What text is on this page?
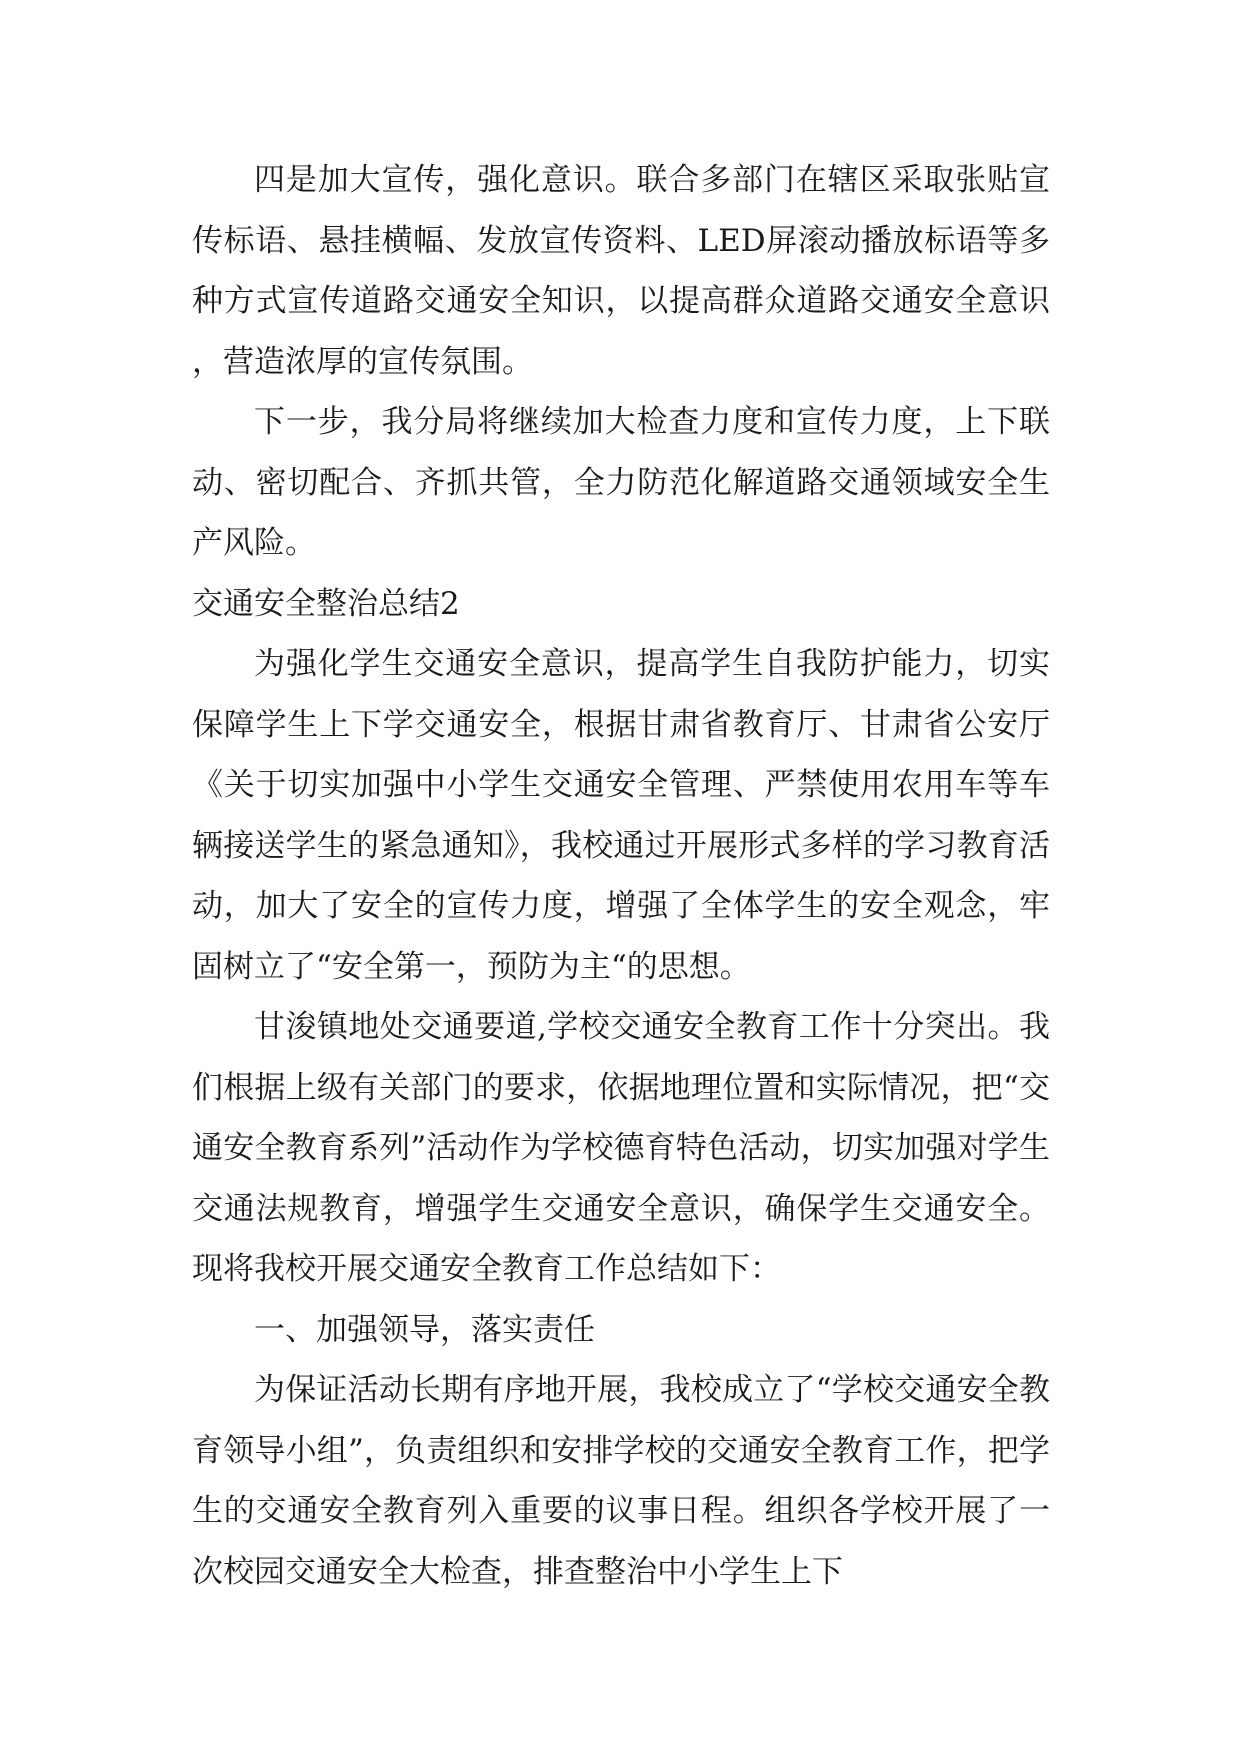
四是加大宣传，强化意识。联合多部门在辖区采取张贴宣传标语、悬挂横幅、发放宣传资料、LED屏滚动播放标语等多种方式宣传道路交通安全知识，以提高群众道路交通安全意识，营造浓厚的宣传氛围。

下一步，我分局将继续加大检查力度和宣传力度，上下联动、密切配合、齐抓共管，全力防范化解道路交通领域安全生产风险。

交通安全整治总结2

为强化学生交通安全意识，提高学生自我防护能力，切实保障学生上下学交通安全，根据甘肃省教育厅、甘肃省公安厅《关于切实加强中小学生交通安全管理、严禁使用农用车等车辆接送学生的紧急通知》，我校通过开展形式多样的学习教育活动，加大了安全的宣传力度，增强了全体学生的安全观念，牢固树立了“安全第一，预防为主“的思想。

甘浚镇地处交通要道,学校交通安全教育工作十分突出。我们根据上级有关部门的要求，依据地理位置和实际情况，把“交通安全教育系列”活动作为学校德育特色活动，切实加强对学生交通法规教育，增强学生交通安全意识，确保学生交通安全。现将我校开展交通安全教育工作总结如下：

一、加强领导，落实责任

为保证活动长期有序地开展，我校成立了“学校交通安全教育领导小组”，负责组织和安排学校的交通安全教育工作，把学生的交通安全教育列入重要的议事日程。组织各学校开展了一次校园交通安全大检查，排查整治中小学生上下
